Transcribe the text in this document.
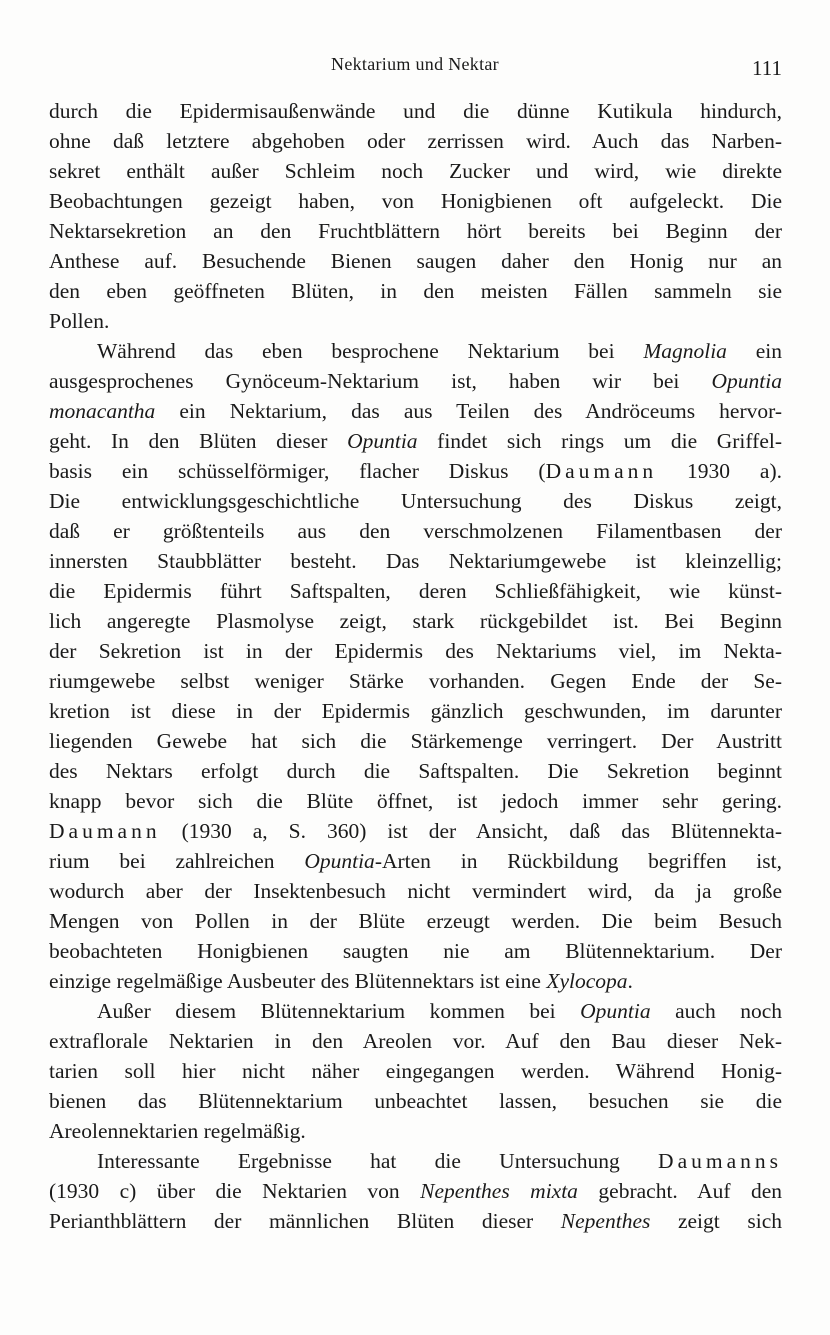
Nektarium und Nektar	111
durch die Epidermisaußenwände und die dünne Kutikula hindurch,
ohne daß letztere abgehoben oder zerrissen wird. Auch das Narben-
sekret enthält außer Schleim noch Zucker und wird, wie direkte
Beobachtungen gezeigt haben, von Honigbienen oft aufgeleckt. Die
Nektarsekretion an den Fruchtblättern hört bereits bei Beginn der
Anthese auf. Besuchende Bienen saugen daher den Honig nur an
den eben geöffneten Blüten, in den meisten Fällen sammeln sie
Pollen.
Während das eben besprochene Nektarium bei Magnolia ein
ausgesprochenes Gynöceum-Nektarium ist, haben wir bei Opuntia
monacantha ein Nektarium, das aus Teilen des Andröceums hervor-
geht. In den Blüten dieser Opuntia findet sich rings um die Griffel-
basis ein schüsselförmiger, flacher Diskus (Daumann 1930 a).
Die entwicklungsgeschichtliche Untersuchung des Diskus zeigt,
daß er größtenteils aus den verschmolzenen Filamentbasen der
innersten Staubblätter besteht. Das Nektariumgewebe ist kleinzellig;
die Epidermis führt Saftspalten, deren Schließfähigkeit, wie künst-
lich angeregte Plasmolyse zeigt, stark rückgebildet ist. Bei Beginn
der Sekretion ist in der Epidermis des Nektariums viel, im Nekta-
riumgewebe selbst weniger Stärke vorhanden. Gegen Ende der Se-
kretion ist diese in der Epidermis gänzlich geschwunden, im darunter
liegenden Gewebe hat sich die Stärkemenge verringert. Der Austritt
des Nektars erfolgt durch die Saftspalten. Die Sekretion beginnt
knapp bevor sich die Blüte öffnet, ist jedoch immer sehr gering.
Daumann (1930 a, S. 360) ist der Ansicht, daß das Blütennekta-
rium bei zahlreichen Opuntia-Arten in Rückbildung begriffen ist,
wodurch aber der Insektenbesuch nicht vermindert wird, da ja große
Mengen von Pollen in der Blüte erzeugt werden. Die beim Besuch
beobachteten Honigbienen saugten nie am Blütennektarium. Der
einzige regelmäßige Ausbeuter des Blütennektars ist eine Xylocopa.
Außer diesem Blütennektarium kommen bei Opuntia auch noch
extraflorale Nektarien in den Areolen vor. Auf den Bau dieser Nek-
tarien soll hier nicht näher eingegangen werden. Während Honig-
bienen das Blütennektarium unbeachtet lassen, besuchen sie die
Areolennektarien regelmäßig.
Interessante Ergebnisse hat die Untersuchung Daumanns
(1930 c) über die Nektarien von Nepenthes mixta gebracht. Auf den
Perianthblättern der männlichen Blüten dieser Nepenthes zeigt sich
